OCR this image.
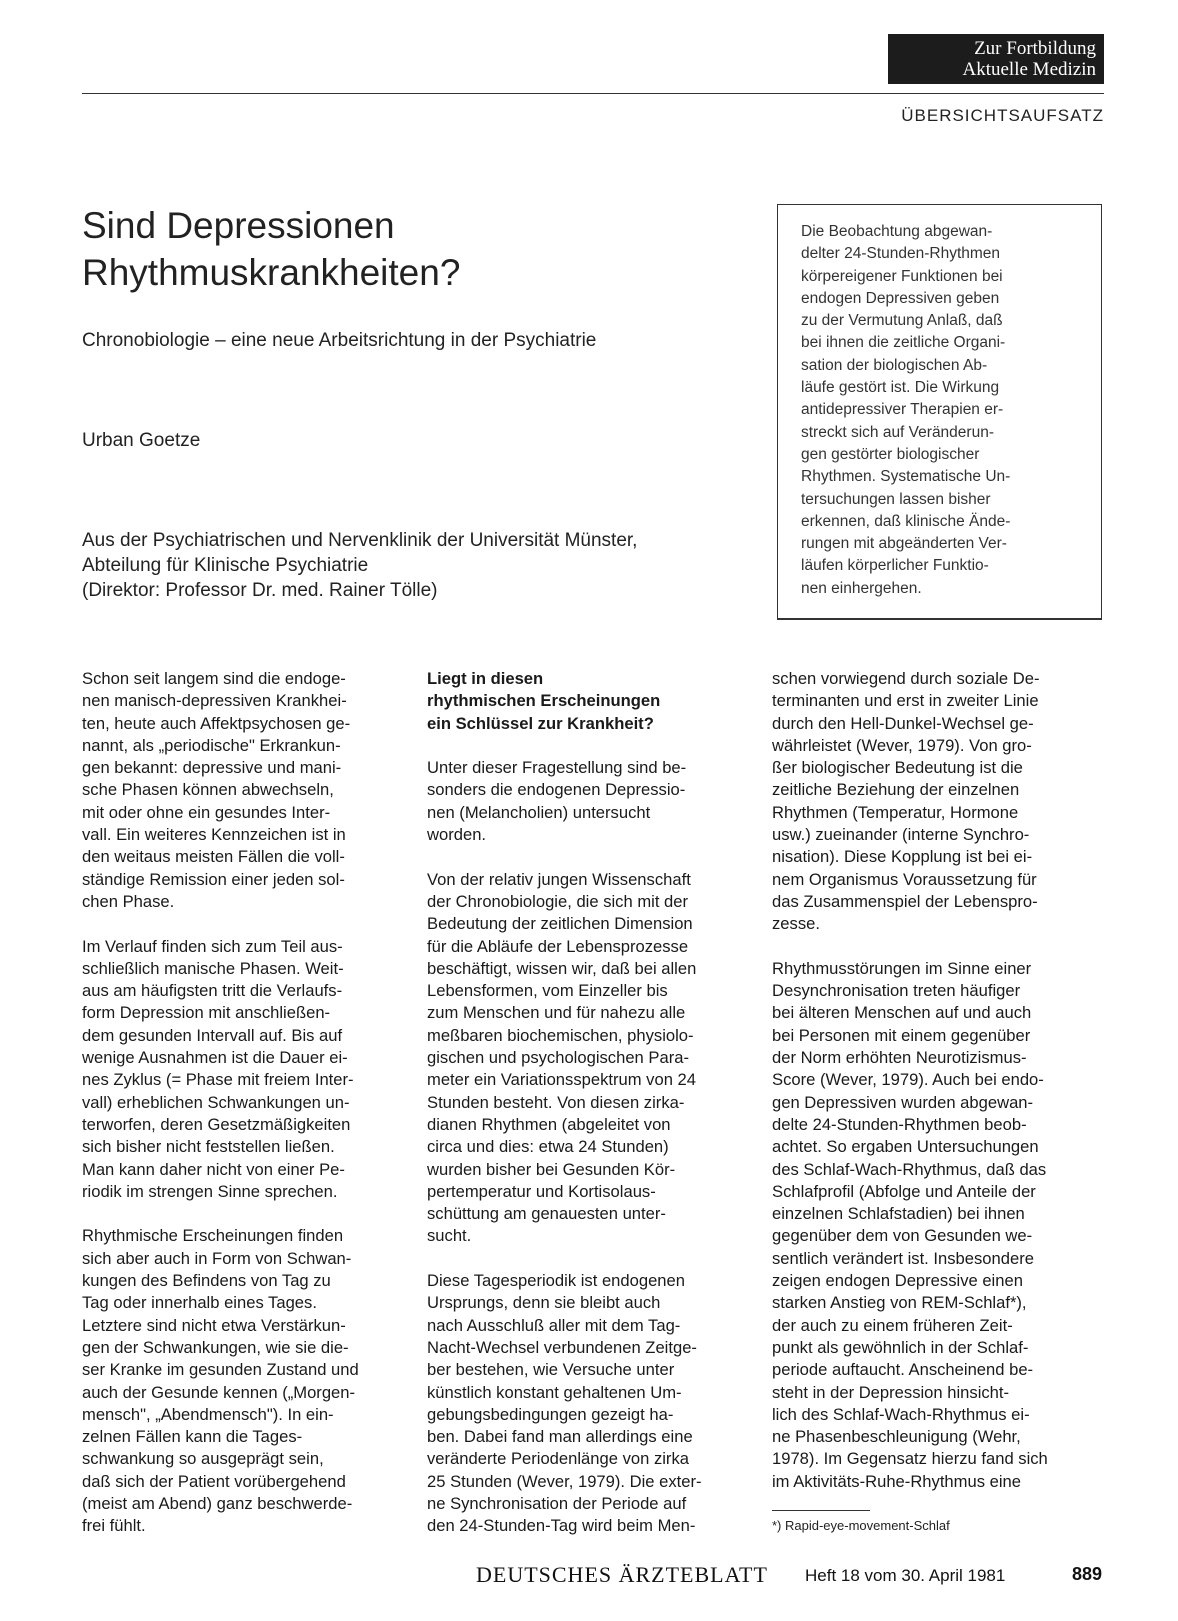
Zur Fortbildung
Aktuelle Medizin
ÜBERSICHTSAUFSATZ
Sind Depressionen
Rhythmuskrankheiten?
Chronobiologie – eine neue Arbeitsrichtung in der Psychiatrie
Urban Goetze
Aus der Psychiatrischen und Nervenklinik der Universität Münster,
Abteilung für Klinische Psychiatrie
(Direktor: Professor Dr. med. Rainer Tölle)
Die Beobachtung abgewan-
delter 24-Stunden-Rhythmen
körpereigener Funktionen bei
endogen Depressiven geben
zu der Vermutung Anlaß, daß
bei ihnen die zeitliche Organi-
sation der biologischen Ab-
läufe gestört ist. Die Wirkung
antidepressiver Therapien er-
streckt sich auf Veränderun-
gen gestörter biologischer
Rhythmen. Systematische Un-
tersuchungen lassen bisher
erkennen, daß klinische Ände-
rungen mit abgeänderten Ver-
läufen körperlicher Funktio-
nen einhergehen.
Schon seit langem sind die endoge-
nen manisch-depressiven Krankhei-
ten, heute auch Affektpsychosen ge-
nannt, als „periodische" Erkrankun-
gen bekannt: depressive und mani-
sche Phasen können abwechseln,
mit oder ohne ein gesundes Inter-
vall. Ein weiteres Kennzeichen ist in
den weitaus meisten Fällen die voll-
ständige Remission einer jeden sol-
chen Phase.
Im Verlauf finden sich zum Teil aus-
schließlich manische Phasen. Weit-
aus am häufigsten tritt die Verlaufs-
form Depression mit anschließen-
dem gesunden Intervall auf. Bis auf
wenige Ausnahmen ist die Dauer ei-
nes Zyklus (= Phase mit freiem Inter-
vall) erheblichen Schwankungen un-
terworfen, deren Gesetzmäßigkeiten
sich bisher nicht feststellen ließen.
Man kann daher nicht von einer Pe-
riodik im strengen Sinne sprechen.
Rhythmische Erscheinungen finden
sich aber auch in Form von Schwan-
kungen des Befindens von Tag zu
Tag oder innerhalb eines Tages.
Letztere sind nicht etwa Verstärkun-
gen der Schwankungen, wie sie die-
ser Kranke im gesunden Zustand und
auch der Gesunde kennen („Morgen-
mensch", „Abendmensch"). In ein-
zelnen Fällen kann die Tages-
schwankung so ausgeprägt sein,
daß sich der Patient vorübergehend
(meist am Abend) ganz beschwerde-
frei fühlt.
Liegt in diesen
rhythmischen Erscheinungen
ein Schlüssel zur Krankheit?
Unter dieser Fragestellung sind be-
sonders die endogenen Depressio-
nen (Melancholien) untersucht
worden.
Von der relativ jungen Wissenschaft
der Chronobiologie, die sich mit der
Bedeutung der zeitlichen Dimension
für die Abläufe der Lebensprozesse
beschäftigt, wissen wir, daß bei allen
Lebensformen, vom Einzeller bis
zum Menschen und für nahezu alle
meßbaren biochemischen, physiolo-
gischen und psychologischen Para-
meter ein Variationsspektrum von 24
Stunden besteht. Von diesen zirka-
dianen Rhythmen (abgeleitet von
circa und dies: etwa 24 Stunden)
wurden bisher bei Gesunden Kör-
pertemperatur und Kortisolaus-
schüttung am genauesten unter-
sucht.
Diese Tagesperiodik ist endogenen
Ursprungs, denn sie bleibt auch
nach Ausschluß aller mit dem Tag-
Nacht-Wechsel verbundenen Zeitge-
ber bestehen, wie Versuche unter
künstlich konstant gehaltenen Um-
gebungsbedingungen gezeigt ha-
ben. Dabei fand man allerdings eine
veränderte Periodenlänge von zirka
25 Stunden (Wever, 1979). Die exter-
ne Synchronisation der Periode auf
den 24-Stunden-Tag wird beim Men-
schen vorwiegend durch soziale De-
terminanten und erst in zweiter Linie
durch den Hell-Dunkel-Wechsel ge-
währleistet (Wever, 1979). Von gro-
ßer biologischer Bedeutung ist die
zeitliche Beziehung der einzelnen
Rhythmen (Temperatur, Hormone
usw.) zueinander (interne Synchro-
nisation). Diese Kopplung ist bei ei-
nem Organismus Voraussetzung für
das Zusammenspiel der Lebenspro-
zesse.
Rhythmusstörungen im Sinne einer
Desynchronisation treten häufiger
bei älteren Menschen auf und auch
bei Personen mit einem gegenüber
der Norm erhöhten Neurotizismus-
Score (Wever, 1979). Auch bei endo-
gen Depressiven wurden abgewan-
delte 24-Stunden-Rhythmen beob-
achtet. So ergaben Untersuchungen
des Schlaf-Wach-Rhythmus, daß das
Schlafprofil (Abfolge und Anteile der
einzelnen Schlafstadien) bei ihnen
gegenüber dem von Gesunden we-
sentlich verändert ist. Insbesondere
zeigen endogen Depressive einen
starken Anstieg von REM-Schlaf*),
der auch zu einem früheren Zeit-
punkt als gewöhnlich in der Schlaf-
periode auftaucht. Anscheinend be-
steht in der Depression hinsicht-
lich des Schlaf-Wach-Rhythmus ei-
ne Phasenbeschleunigung (Wehr,
1978). Im Gegensatz hierzu fand sich
im Aktivitäts-Ruhe-Rhythmus eine
*) Rapid-eye-movement-Schlaf
DEUTSCHES ÄRZTEBLATT Heft 18 vom 30. April 1981	889
